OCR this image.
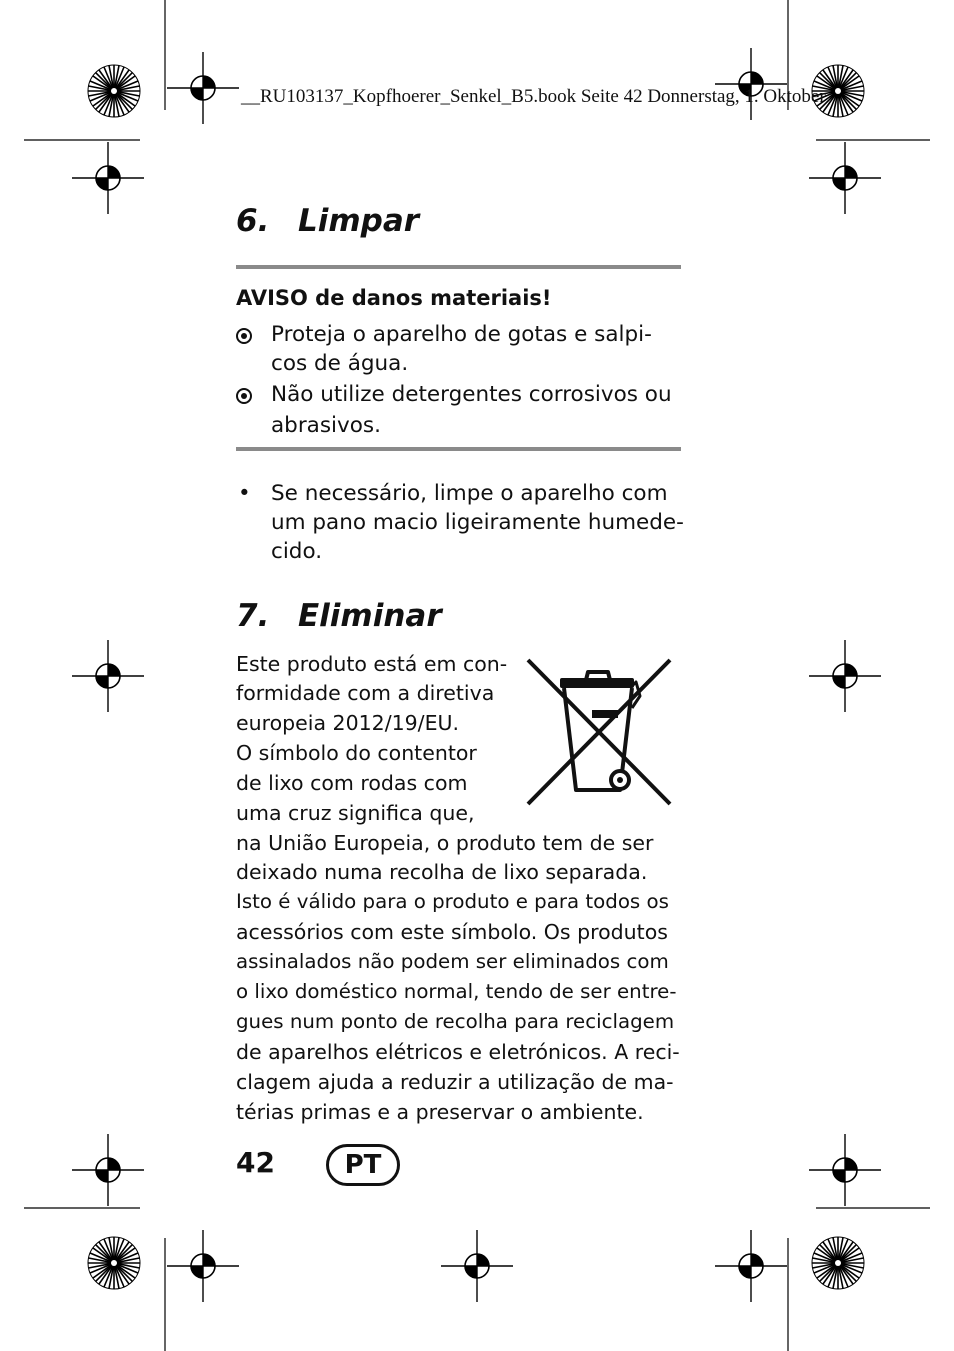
__RU103137_Kopfhoerer_Senkel_B5.book Seite 42 Donnerstag, 1. Oktober
6. Limpar
AVISO de danos materiais!
Proteja o aparelho de gotas e salpi-
cos de água.
Não utilize detergentes corrosivos ou
abrasivos.
• Se necessário, limpe o aparelho com
um pano macio ligeiramente humede-
cido.
7. Eliminar
Este produto está em con-
formidade com a diretiva
europeia 2012/19/EU.
O símbolo do contentor
de lixo com rodas com
uma cruz significa que,
na União Europeia, o produto tem de ser
deixado numa recolha de lixo separada.
Isto é válido para o produto e para todos os
acessórios com este símbolo. Os produtos
assinalados não podem ser eliminados com
o lixo doméstico normal, tendo de ser entre-
gues num ponto de recolha para reciclagem
de aparelhos elétricos e eletrónicos. A reci-
clagem ajuda a reduzir a utilização de ma-
térias primas e a preservar o ambiente.
42	PT
